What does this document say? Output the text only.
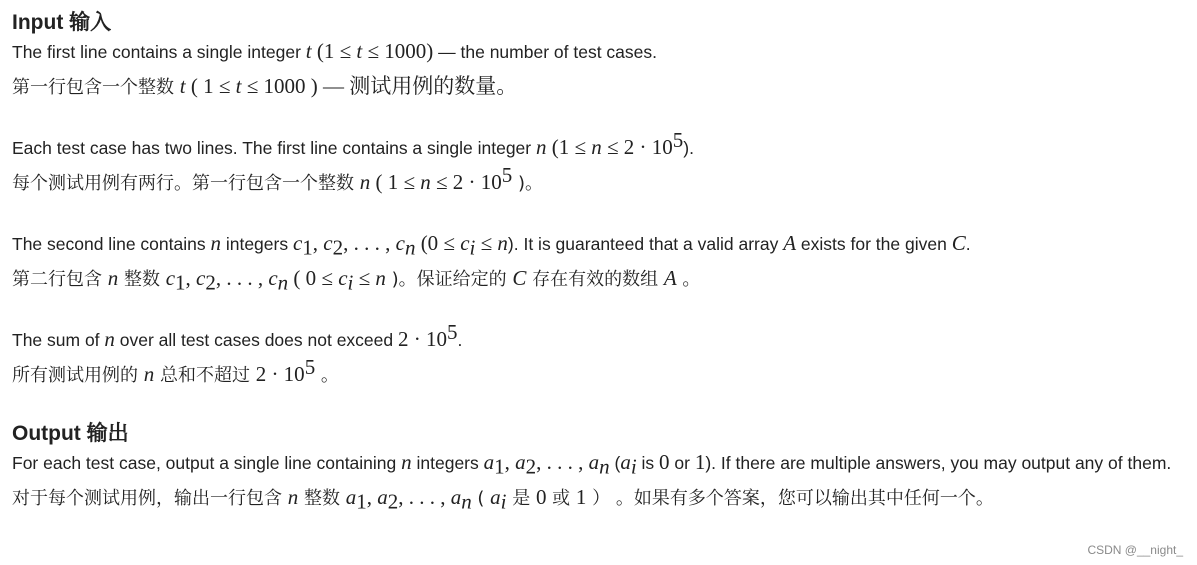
Input 输入

The first line contains a single integer t (1 ≤ t ≤ 1000) — the number of test cases.

第一行包含一个整数 t ( 1 ≤ t ≤ 1000 ) — 测试用例的数量。

Each test case has two lines. The first line contains a single integer n $(1 \le n \le 2 \cdot 10^5)$.

每个测试用例有两行。第一行包含一个整数 n ( $1 \le n \le 2 \cdot 10^5$ )。

The second line contains n integers $c_1$, $c_2$, . . . , $c_n$ $(0 \le c_i \le n)$. It is guaranteed that a valid array A exists for the given C.

第二行包含 n 整数 $c_1$, $c_2$, . . . , $c_n$ ( $0 \le c_i \le n$ )。保证给定的 C 存在有效的数组 A 。

The sum of n over all test cases does not exceed $2 \cdot 10^5$.

所有测试用例的 n 总和不超过 $2 \cdot 10^5$ 。

Output 输出

For each test case, output a single line containing n integers $a_1$, $a_2$, . . . , $a_n$ ($a_i$ is 0 or 1). If there are multiple answers, you may output any of them.

对于每个测试用例，输出一行包含 n 整数 $a_1$, $a_2$, . . . , $a_n$ ( $a_i$ 是 0 或 1 ） 。如果有多个答案，您可以输出其中任何一个。

CSDN @__night_
